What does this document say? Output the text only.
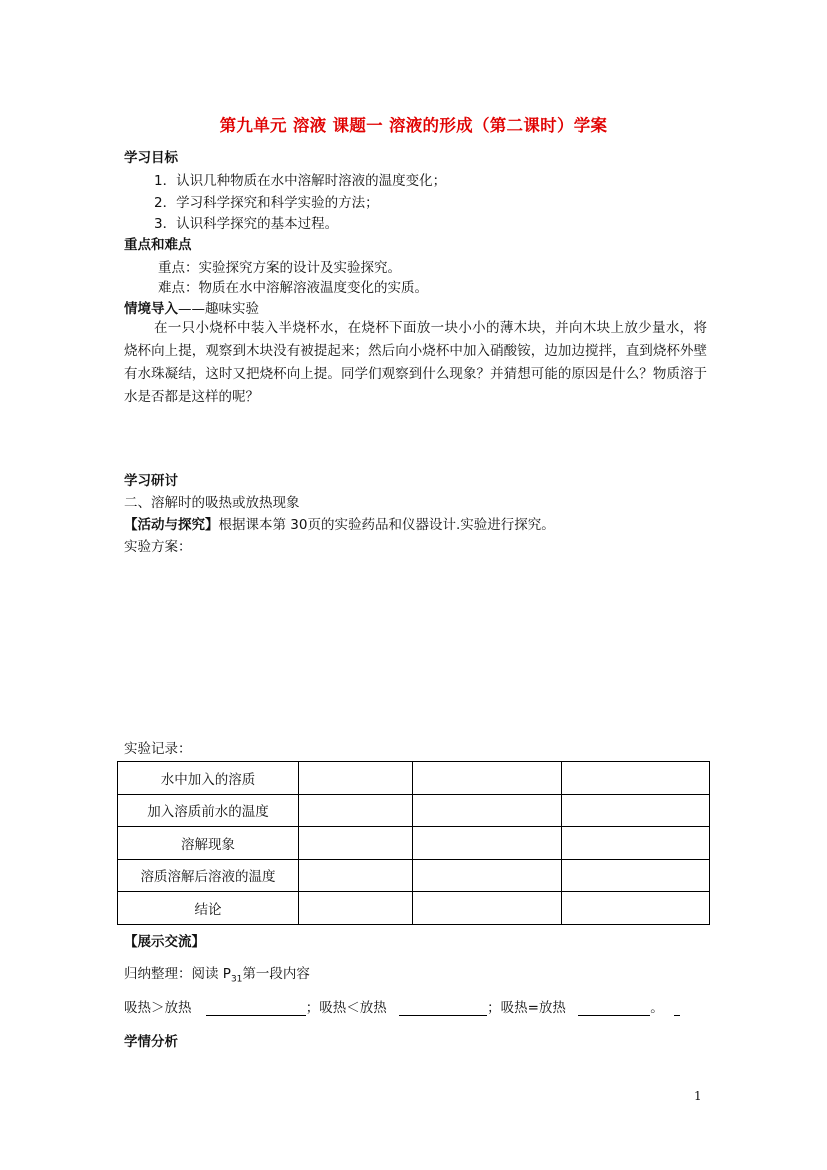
第九单元 溶液 课题一 溶液的形成（第二课时）学案
学习目标
1．认识几种物质在水中溶解时溶液的温度变化；
2．学习科学探究和科学实验的方法；
3．认识科学探究的基本过程。
重点和难点
重点：实验探究方案的设计及实验探究。
难点：物质在水中溶解溶液温度变化的实质。
情境导入——趣味实验
在一只小烧杯中装入半烧杯水，在烧杯下面放一块小小的薄木块，并向木块上放少量水，将烧杯向上提，观察到木块没有被提起来；然后向小烧杯中加入硝酸铵，边加边搅拌，直到烧杯外壁有水珠凝结，这时又把烧杯向上提。同学们观察到什么现象？并猜想可能的原因是什么？物质溶于水是否都是这样的呢？
学习研讨
二、溶解时的吸热或放热现象
【活动与探究】根据课本第 30页的实验药品和仪器设计.实验进行探究。
实验方案：
实验记录：
水中加入的溶质			
加入溶质前水的温度			
溶解现象			
溶质溶解后溶液的温度			
结论			
【展示交流】
归纳整理：阅读 $P_{31}$第一段内容
吸热＞放热	；吸热＜放热	；吸热=放热	。
学情分析
1
